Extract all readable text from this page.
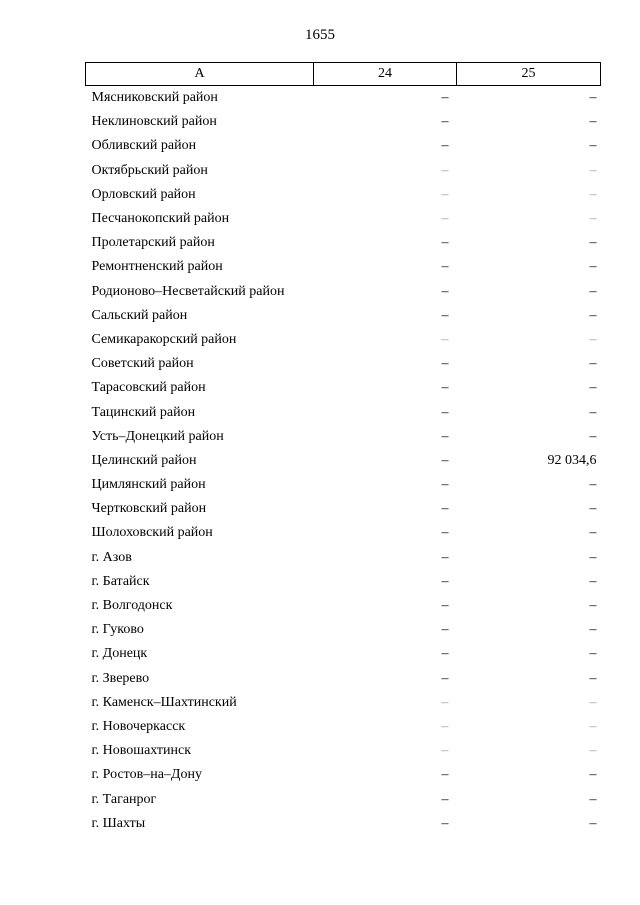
1655
А	24	25
Мясниковский район	–	–
Неклиновский район	–	–
Обливский район	–	–
Октябрьский район	–	–
Орловский район	–	–
Песчанокопский район	–	–
Пролетарский район	–	–
Ремонтненский район	–	–
Родионово–Несветайский район	–	–
Сальский район	–	–
Семикаракорский район	–	–
Советский район	–	–
Тарасовский район	–	–
Тацинский район	–	–
Усть–Донецкий район	–	–
Целинский район	–	92 034,6
Цимлянский район	–	–
Чертковский район	–	–
Шолоховский район	–	–
г. Азов	–	–
г. Батайск	–	–
г. Волгодонск	–	–
г. Гуково	–	–
г. Донецк	–	–
г. Зверево	–	–
г. Каменск–Шахтинский	–	–
г. Новочеркасск	–	–
г. Новошахтинск	–	–
г. Ростов–на–Дону	–	–
г. Таганрог	–	–
г. Шахты	–	–
